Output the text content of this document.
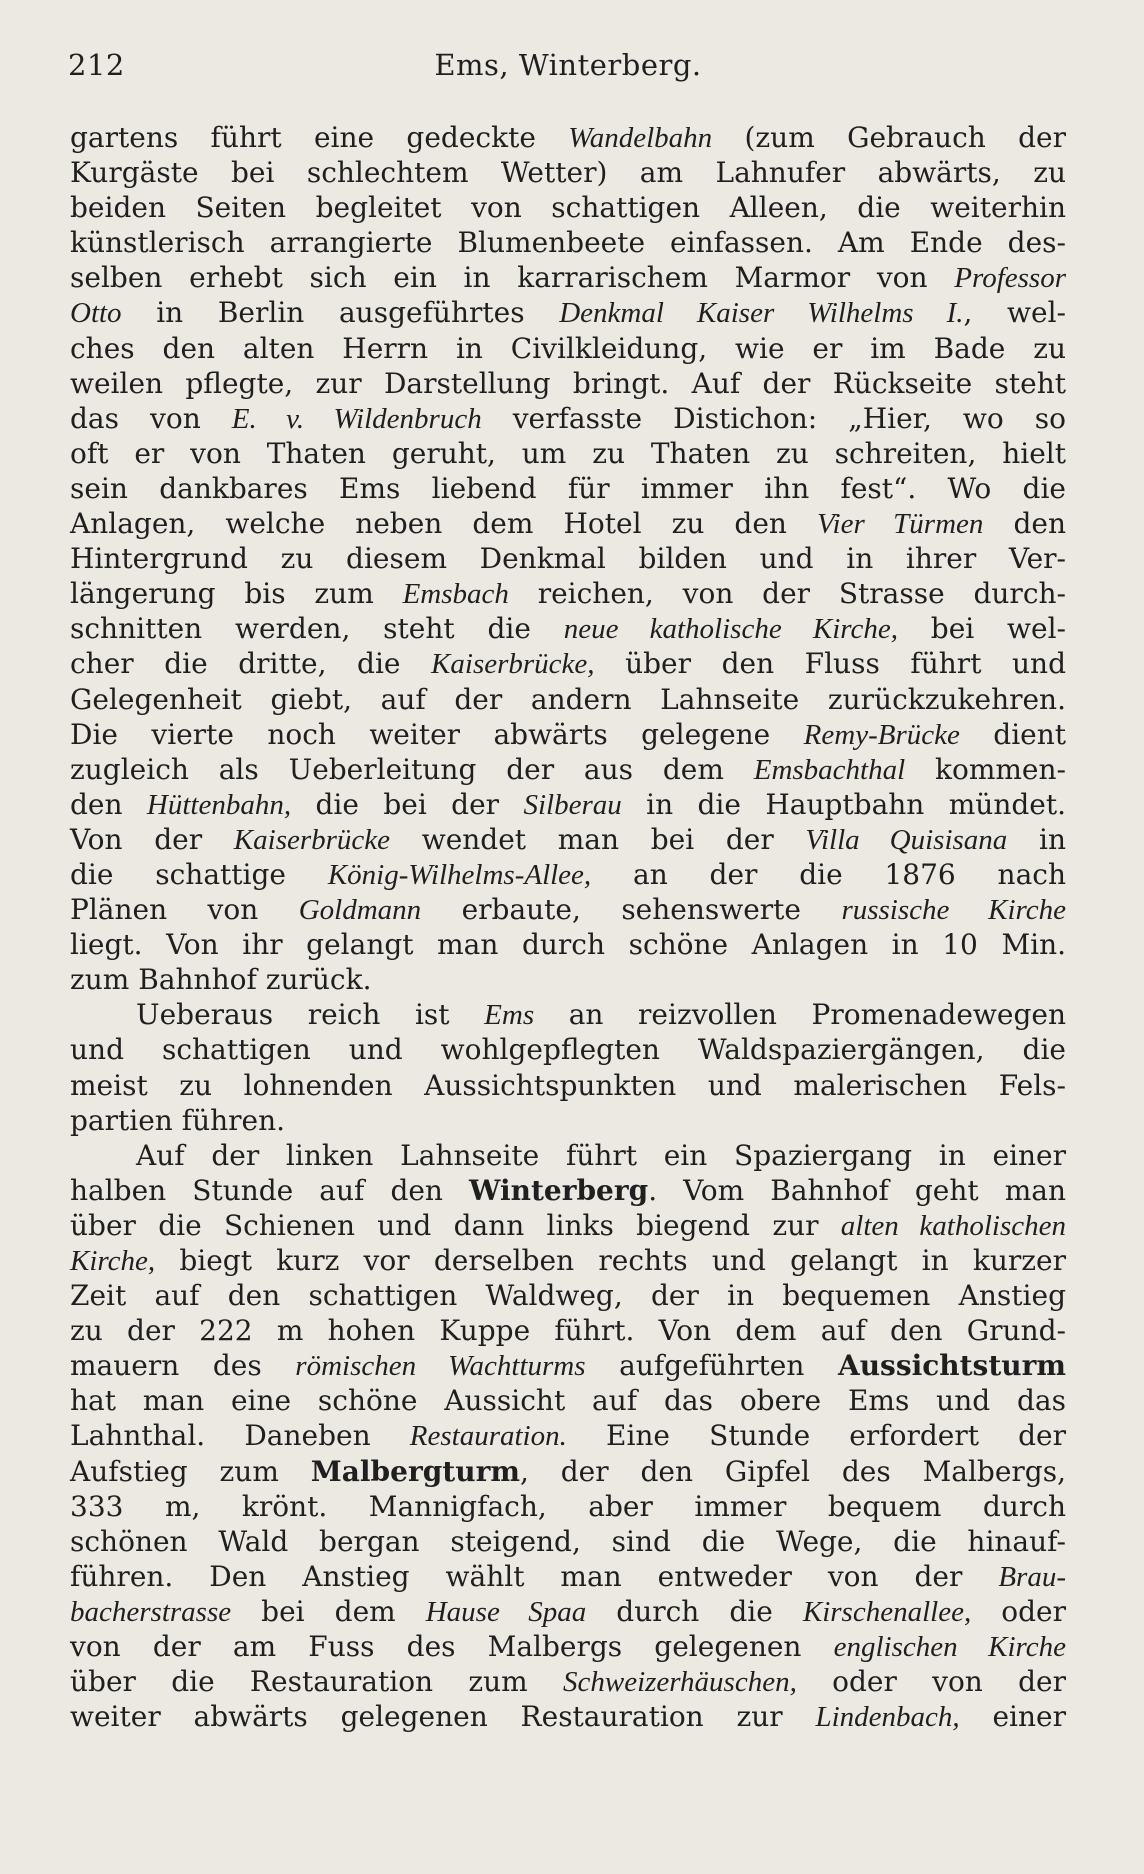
212	Ems, Winterberg.
gartens führt eine gedeckte Wandelbahn (zum Gebrauch der
Kurgäste bei schlechtem Wetter) am Lahnufer abwärts, zu
beiden Seiten begleitet von schattigen Alleen, die weiterhin
künstlerisch arrangierte Blumenbeete einfassen. Am Ende des-
selben erhebt sich ein in karrarischem Marmor von Professor
Otto in Berlin ausgeführtes Denkmal Kaiser Wilhelms I., wel-
ches den alten Herrn in Civilkleidung, wie er im Bade zu
weilen pflegte, zur Darstellung bringt. Auf der Rückseite steht
das von E. v. Wildenbruch verfasste Distichon: „Hier, wo so
oft er von Thaten geruht, um zu Thaten zu schreiten, hielt
sein dankbares Ems liebend für immer ihn fest“. Wo die
Anlagen, welche neben dem Hotel zu den Vier Türmen den
Hintergrund zu diesem Denkmal bilden und in ihrer Ver-
längerung bis zum Emsbach reichen, von der Strasse durch-
schnitten werden, steht die neue katholische Kirche, bei wel-
cher die dritte, die Kaiserbrücke, über den Fluss führt und
Gelegenheit giebt, auf der andern Lahnseite zurückzukehren.
Die vierte noch weiter abwärts gelegene Remy-Brücke dient
zugleich als Ueberleitung der aus dem Emsbachthal kommen-
den Hüttenbahn, die bei der Silberau in die Hauptbahn mündet.
Von der Kaiserbrücke wendet man bei der Villa Quisisana in
die schattige König-Wilhelms-Allee, an der die 1876 nach
Plänen von Goldmann erbaute, sehenswerte russische Kirche
liegt. Von ihr gelangt man durch schöne Anlagen in 10 Min.
zum Bahnhof zurück.
Ueberaus reich ist Ems an reizvollen Promenadewegen
und schattigen und wohlgepflegten Waldspaziergängen, die
meist zu lohnenden Aussichtspunkten und malerischen Fels-
partien führen.
Auf der linken Lahnseite führt ein Spaziergang in einer
halben Stunde auf den Winterberg. Vom Bahnhof geht man
über die Schienen und dann links biegend zur alten katholischen
Kirche, biegt kurz vor derselben rechts und gelangt in kurzer
Zeit auf den schattigen Waldweg, der in bequemen Anstieg
zu der 222 m hohen Kuppe führt. Von dem auf den Grund-
mauern des römischen Wachtturms aufgeführten Aussichtsturm
hat man eine schöne Aussicht auf das obere Ems und das
Lahnthal. Daneben Restauration. Eine Stunde erfordert der
Aufstieg zum Malbergturm, der den Gipfel des Malbergs,
333 m, krönt. Mannigfach, aber immer bequem durch
schönen Wald bergan steigend, sind die Wege, die hinauf-
führen. Den Anstieg wählt man entweder von der Brau-
bacherstrasse bei dem Hause Spaa durch die Kirschenallee, oder
von der am Fuss des Malbergs gelegenen englischen Kirche
über die Restauration zum Schweizerhäuschen, oder von der
weiter abwärts gelegenen Restauration zur Lindenbach, einer
